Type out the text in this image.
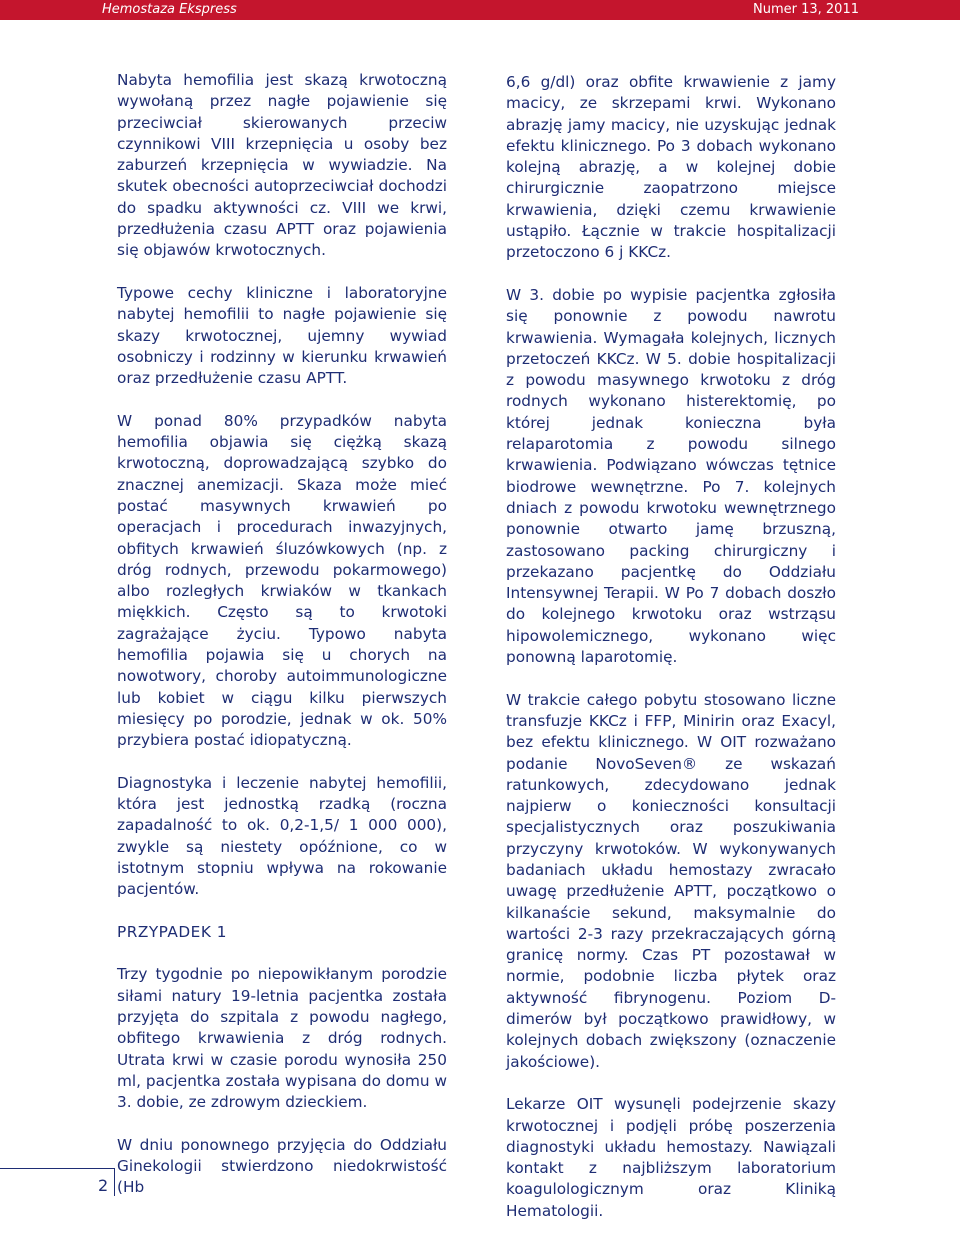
Hemostaza Ekspress	Numer 13, 2011

Nabyta hemofilia jest skazą krwotoczną wywołaną przez nagłe pojawienie się przeciwciał skierowanych przeciw czynnikowi VIII krzepnięcia u osoby bez zaburzeń krzepnięcia w wywiadzie. Na skutek obecności autoprzeciwciał dochodzi do spadku aktywności cz. VIII we krwi, przedłużenia czasu APTT oraz pojawienia się objawów krwotocznych.

Typowe cechy kliniczne i laboratoryjne nabytej hemofilii to nagłe pojawienie się skazy krwotocznej, ujemny wywiad osobniczy i rodzinny w kierunku krwawień oraz przedłużenie czasu APTT.

W ponad 80% przypadków nabyta hemofilia objawia się ciężką skazą krwotoczną, doprowadzającą szybko do znacznej anemizacji. Skaza może mieć postać masywnych krwawień po operacjach i procedurach inwazyjnych, obfitych krwawień śluzówkowych (np. z dróg rodnych, przewodu pokarmowego) albo rozległych krwiaków w tkankach miękkich. Często są to krwotoki zagrażające życiu. Typowo nabyta hemofilia pojawia się u chorych na nowotwory, choroby autoimmunologiczne lub kobiet w ciągu kilku pierwszych miesięcy po porodzie, jednak w ok. 50% przybiera postać idiopatyczną.

Diagnostyka i leczenie nabytej hemofilii, która jest jednostką rzadką (roczna zapadalność to ok. 0,2-1,5/ 1 000 000), zwykle są niestety opóźnione, co w istotnym stopniu wpływa na rokowanie pacjentów.

PRZYPADEK 1

Trzy tygodnie po niepowikłanym porodzie siłami natury 19-letnia pacjentka została przyjęta do szpitala z powodu nagłego, obfitego krwawienia z dróg rodnych. Utrata krwi w czasie porodu wynosiła 250 ml, pacjentka została wypisana do domu w 3. dobie, ze zdrowym dzieckiem.

W dniu ponownego przyjęcia do Oddziału Ginekologii stwierdzono niedokrwistość (Hb

6,6 g/dl) oraz obfite krwawienie z jamy macicy, ze skrzepami krwi. Wykonano abrazję jamy macicy, nie uzyskując jednak efektu klinicznego. Po 3 dobach wykonano kolejną abrazję, a w kolejnej dobie chirurgicznie zaopatrzono miejsce krwawienia, dzięki czemu krwawienie ustąpiło. Łącznie w trakcie hospitalizacji przetoczono 6 j KKCz.

W 3. dobie po wypisie pacjentka zgłosiła się ponownie z powodu nawrotu krwawienia. Wymagała kolejnych, licznych przetoczeń KKCz. W 5. dobie hospitalizacji z powodu masywnego krwotoku z dróg rodnych wykonano histerektomię, po której jednak konieczna była relaparotomia z powodu silnego krwawienia. Podwiązano wówczas tętnice biodrowe wewnętrzne. Po 7. kolejnych dniach z powodu krwotoku wewnętrznego ponownie otwarto jamę brzuszną, zastosowano packing chirurgiczny i przekazano pacjentkę do Oddziału Intensywnej Terapii. W Po 7 dobach doszło do kolejnego krwotoku oraz wstrząsu hipowolemicznego, wykonano więc ponowną laparotomię.

W trakcie całego pobytu stosowano liczne transfuzje KKCz i FFP, Minirin oraz Exacyl, bez efektu klinicznego. W OIT rozważano podanie NovoSeven® ze wskazań ratunkowych, zdecydowano jednak najpierw o konieczności konsultacji specjalistycznych oraz poszukiwania przyczyny krwotoków. W wykonywanych badaniach układu hemostazy zwracało uwagę przedłużenie APTT, początkowo o kilkanaście sekund, maksymalnie do wartości 2-3 razy przekraczających górną granicę normy. Czas PT pozostawał w normie, podobnie liczba płytek oraz aktywność fibrynogenu. Poziom D-dimerów był początkowo prawidłowy, w kolejnych dobach zwiększony (oznaczenie jakościowe).

Lekarze OIT wysunęli podejrzenie skazy krwotocznej i podjęli próbę poszerzenia diagnostyki układu hemostazy. Nawiązali kontakt z najbliższym laboratorium koagulologicznym oraz Kliniką Hematologii.

2
